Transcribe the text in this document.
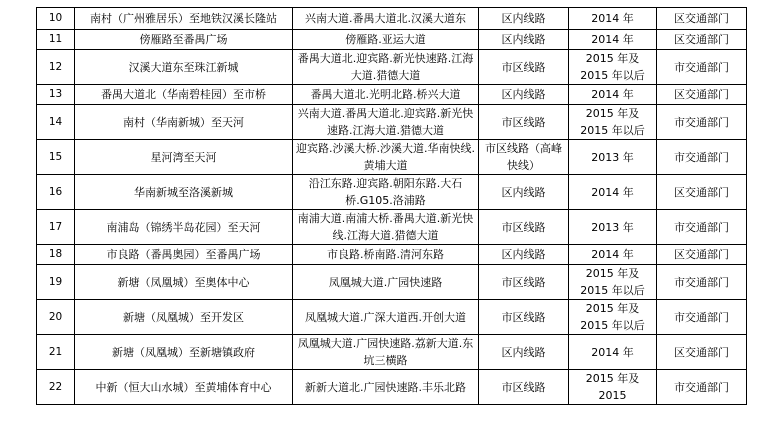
10	南村（广州雅居乐）至地铁汉溪长隆站	兴南大道.番禺大道北.汉溪大道东	区内线路	2014 年	区交通部门
11	傍雁路至番禺广场	傍雁路.亚运大道	区内线路	2014 年	区交通部门
12	汉溪大道东至珠江新城	番禺大道北.迎宾路.新光快速路.江海大道.猎德大道	市区线路	2015 年及 2015 年以后	市交通部门
13	番禺大道北（华南碧桂园）至市桥	番禺大道北.光明北路.桥兴大道	区内线路	2014 年	区交通部门
14	南村（华南新城）至天河	兴南大道.番禺大道北.迎宾路.新光快速路.江海大道.猎德大道	市区线路	2015 年及 2015 年以后	市交通部门
15	星河湾至天河	迎宾路.沙溪大桥.沙溪大道.华南快线.黄埔大道	市区线路（高峰快线）	2013 年	市交通部门
16	华南新城至洛溪新城	沿江东路.迎宾路.朝阳东路.大石桥.G105.洛浦路	区内线路	2014 年	区交通部门
17	南浦岛（锦绣半岛花园）至天河	南浦大道.南浦大桥.番禺大道.新光快线.江海大道.猎德大道	市区线路	2013 年	市交通部门
18	市良路（番禺奥园）至番禺广场	市良路.桥南路.清河东路	区内线路	2014 年	区交通部门
19	新塘（凤凰城）至奥体中心	凤凰城大道.广园快速路	市区线路	2015 年及 2015 年以后	市交通部门
20	新塘（凤凰城）至开发区	凤凰城大道.广深大道西.开创大道	市区线路	2015 年及 2015 年以后	市交通部门
21	新塘（凤凰城）至新塘镇政府	凤凰城大道.广园快速路.荔新大道.东坑三横路	区内线路	2014 年	区交通部门
22	中新（恒大山水城）至黄埔体育中心	新新大道北.广园快速路.丰乐北路	市区线路	2015 年及 2015	市交通部门
